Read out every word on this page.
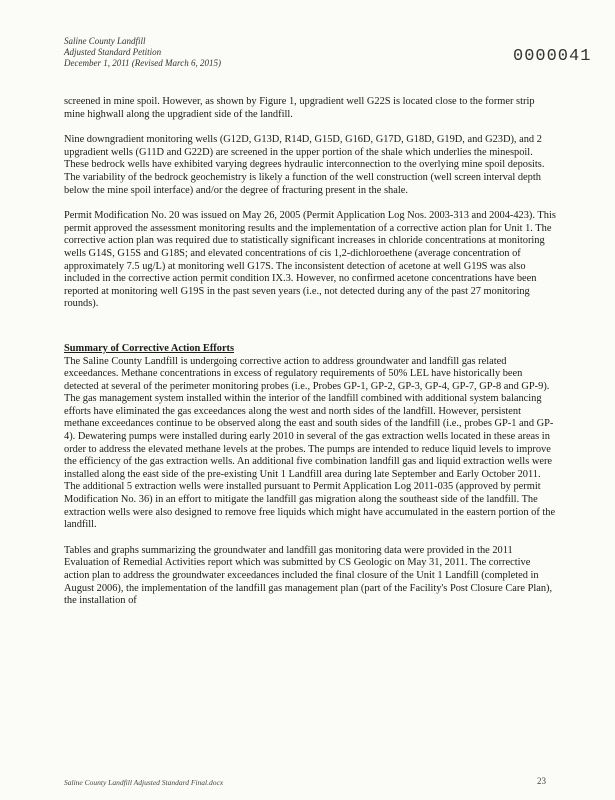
Saline County Landfill
Adjusted Standard Petition
December 1, 2011 (Revised March 6, 2015)	0000041

screened in mine spoil. However, as shown by Figure 1, upgradient well G22S is located close to the former strip mine highwall along the upgradient side of the landfill.

Nine downgradient monitoring wells (G12D, G13D, R14D, G15D, G16D, G17D, G18D, G19D, and G23D), and 2 upgradient wells (G11D and G22D) are screened in the upper portion of the shale which underlies the minespoil. These bedrock wells have exhibited varying degrees hydraulic interconnection to the overlying mine spoil deposits. The variability of the bedrock geochemistry is likely a function of the well construction (well screen interval depth below the mine spoil interface) and/or the degree of fracturing present in the shale.

Permit Modification No. 20 was issued on May 26, 2005 (Permit Application Log Nos. 2003-313 and 2004-423). This permit approved the assessment monitoring results and the implementation of a corrective action plan for Unit 1. The corrective action plan was required due to statistically significant increases in chloride concentrations at monitoring wells G14S, G15S and G18S; and elevated concentrations of cis 1,2-dichloroethene (average concentration of approximately 7.5 ug/L) at monitoring well G17S. The inconsistent detection of acetone at well G19S was also included in the corrective action permit condition IX.3. However, no confirmed acetone concentrations have been reported at monitoring well G19S in the past seven years (i.e., not detected during any of the past 27 monitoring rounds).

Summary of Corrective Action Efforts

The Saline County Landfill is undergoing corrective action to address groundwater and landfill gas related exceedances. Methane concentrations in excess of regulatory requirements of 50% LEL have historically been detected at several of the perimeter monitoring probes (i.e., Probes GP-1, GP-2, GP-3, GP-4, GP-7, GP-8 and GP-9). The gas management system installed within the interior of the landfill combined with additional system balancing efforts have eliminated the gas exceedances along the west and north sides of the landfill. However, persistent methane exceedances continue to be observed along the east and south sides of the landfill (i.e., probes GP-1 and GP-4). Dewatering pumps were installed during early 2010 in several of the gas extraction wells located in these areas in order to address the elevated methane levels at the probes. The pumps are intended to reduce liquid levels to improve the efficiency of the gas extraction wells. An additional five combination landfill gas and liquid extraction wells were installed along the east side of the pre-existing Unit 1 Landfill area during late September and Early October 2011. The additional 5 extraction wells were installed pursuant to Permit Application Log 2011-035 (approved by permit Modification No. 36) in an effort to mitigate the landfill gas migration along the southeast side of the landfill. The extraction wells were also designed to remove free liquids which might have accumulated in the eastern portion of the landfill.

Tables and graphs summarizing the groundwater and landfill gas monitoring data were provided in the 2011 Evaluation of Remedial Activities report which was submitted by CS Geologic on May 31, 2011. The corrective action plan to address the groundwater exceedances included the final closure of the Unit 1 Landfill (completed in August 2006), the implementation of the landfill gas management plan (part of the Facility's Post Closure Care Plan), the installation of

Saline County Landfill Adjusted Standard Final.docx	23
